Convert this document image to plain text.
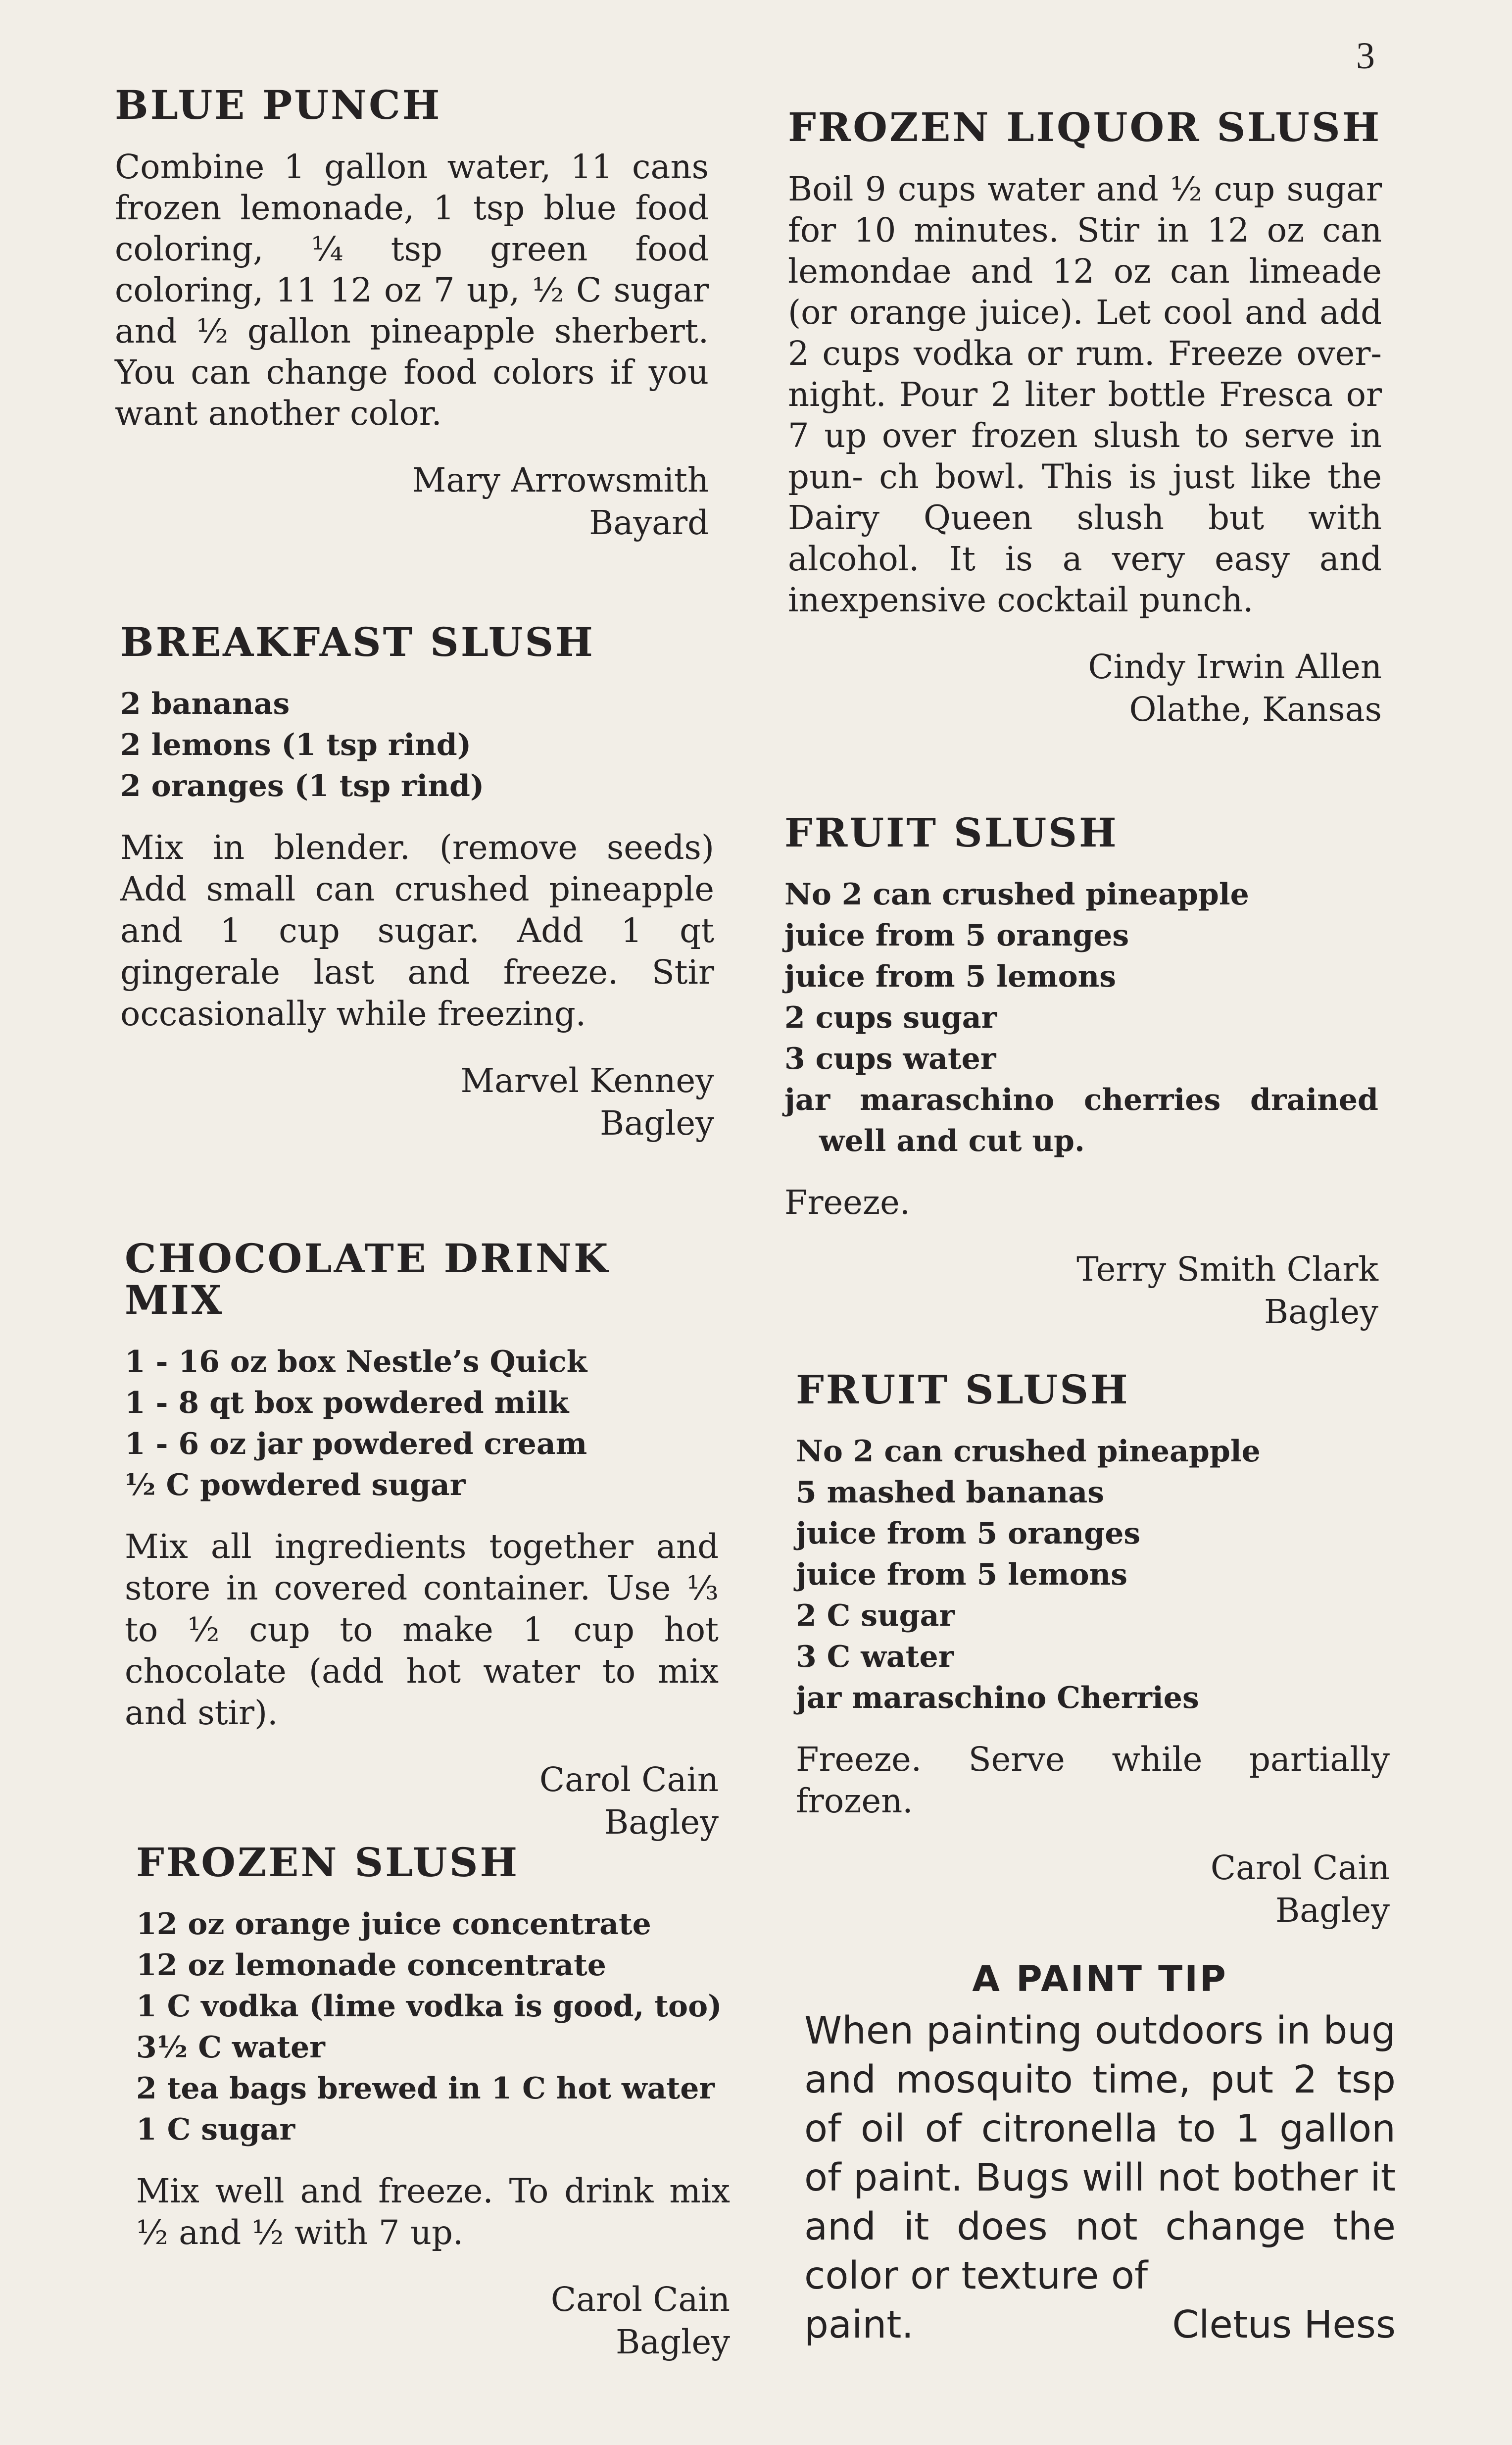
3
BLUE PUNCH

Combine 1 gallon water, 11 cans frozen lemonade, 1 tsp blue food coloring, ¼ tsp green food coloring, 11 12 oz 7 up, ½ C sugar and ½ gallon pineapple sherbert. You can change food colors if you want another color.

Mary Arrowsmith
Bayard
BREAKFAST SLUSH
2 bananas
2 lemons (1 tsp rind)
2 oranges (1 tsp rind)

Mix in blender. (remove seeds) Add small can crushed pineapple and 1 cup sugar. Add 1 qt gingerale last and freeze. Stir occasionally while freezing.

Marvel Kenney
Bagley
CHOCOLATE DRINK MIX
1 - 16 oz box Nestle’s Quick
1 - 8 qt box powdered milk
1 - 6 oz jar powdered cream
½ C powdered sugar

Mix all ingredients together and store in covered container. Use ⅓ to ½ cup to make 1 cup hot chocolate (add hot water to mix and stir).

Carol Cain
Bagley
FROZEN SLUSH
12 oz orange juice concentrate
12 oz lemonade concentrate
1 C vodka (lime vodka is good, too)
3½ C water
2 tea bags brewed in 1 C hot water
1 C sugar

Mix well and freeze. To drink mix ½ and ½ with 7 up.

Carol Cain
Bagley
FROZEN LIQUOR SLUSH

Boil 9 cups water and ½ cup sugar for 10 minutes. Stir in 12 oz can lemondae and 12 oz can limeade (or orange juice). Let cool and add 2 cups vodka or rum. Freeze over- night. Pour 2 liter bottle Fresca or 7 up over frozen slush to serve in pun- ch bowl. This is just like the Dairy Queen slush but with alcohol. It is a very easy and inexpensive cocktail punch.

Cindy Irwin Allen
Olathe, Kansas
FRUIT SLUSH
No 2 can crushed pineapple
juice from 5 oranges
juice from 5 lemons
2 cups sugar
3 cups water
jar maraschino cherries drained well and cut up.

Freeze.

Terry Smith Clark
Bagley
FRUIT SLUSH
No 2 can crushed pineapple
5 mashed bananas
juice from 5 oranges
juice from 5 lemons
2 C sugar
3 C water
jar maraschino Cherries

Freeze. Serve while partially frozen.

Carol Cain
Bagley
A PAINT TIP

When painting outdoors in bug and mosquito time, put 2 tsp of oil of citronella to 1 gallon of paint. Bugs will not bother it and it does not change the color or texture of

paint.	Cletus Hess
